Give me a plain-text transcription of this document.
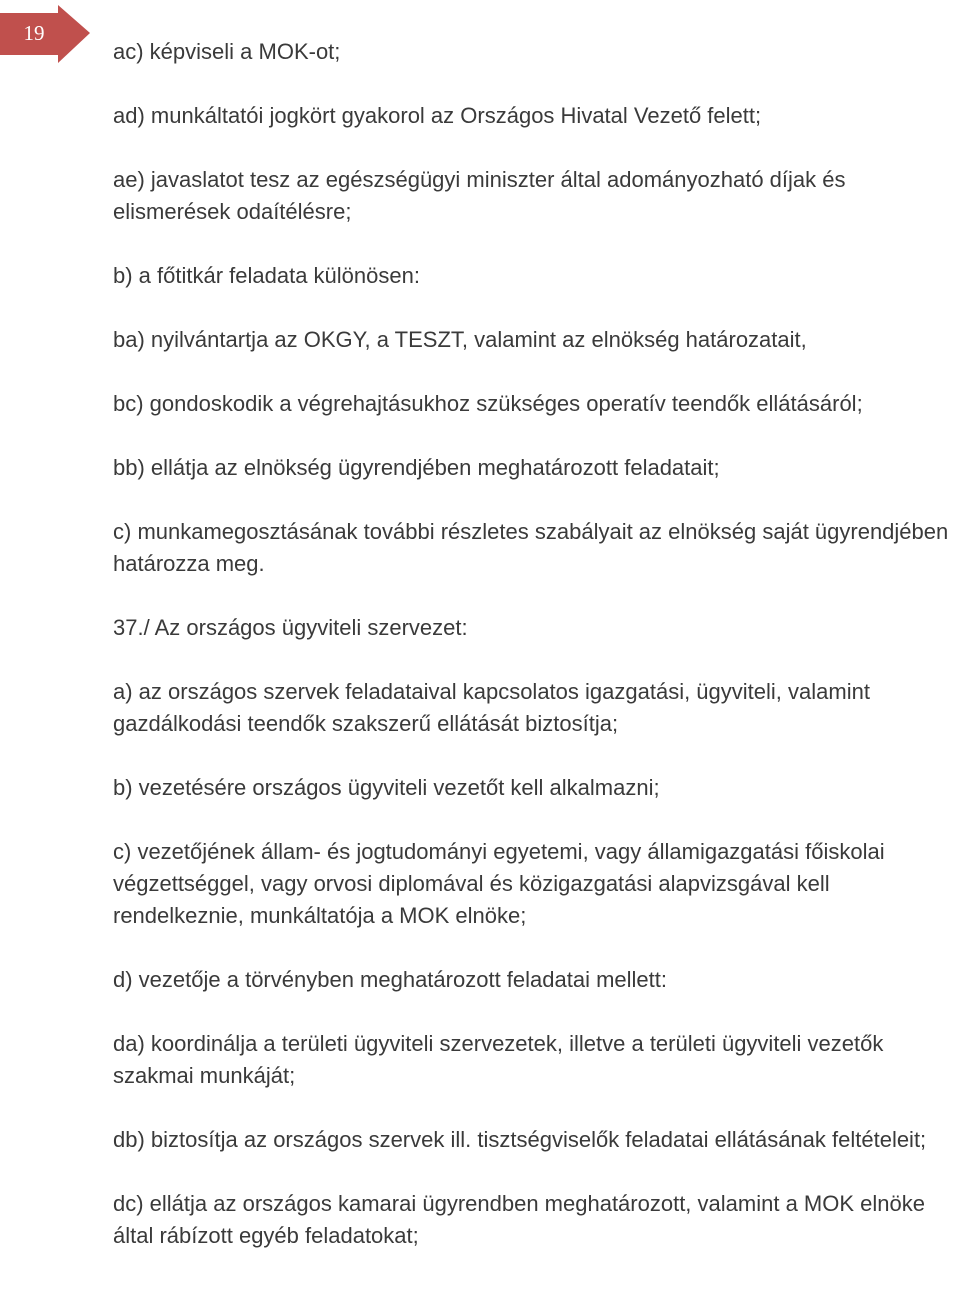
19

ac) képviseli a MOK-ot;

ad) munkáltatói jogkört gyakorol az Országos Hivatal Vezető felett;

ae) javaslatot tesz az egészségügyi miniszter által adományozható díjak és elismerések odaítélésre;

b) a főtitkár feladata különösen:

ba) nyilvántartja az OKGY, a TESZT, valamint az elnökség határozatait,

bc) gondoskodik a végrehajtásukhoz szükséges operatív teendők ellátásáról;

bb) ellátja az elnökség ügyrendjében meghatározott feladatait;

c) munkamegosztásának további részletes szabályait az elnökség saját ügyrendjében határozza meg.

37./ Az országos ügyviteli szervezet:

a) az országos szervek feladataival kapcsolatos igazgatási, ügyviteli, valamint gazdálkodási teendők szakszerű ellátását biztosítja;

b) vezetésére országos ügyviteli vezetőt kell alkalmazni;

c) vezetőjének állam- és jogtudományi egyetemi, vagy államigazgatási főiskolai végzettséggel, vagy orvosi diplomával és közigazgatási alapvizsgával kell rendelkeznie, munkáltatója a MOK elnöke;

d) vezetője a törvényben meghatározott feladatai mellett:

da) koordinálja a területi ügyviteli szervezetek, illetve a területi ügyviteli vezetők szakmai munkáját;

db) biztosítja az országos szervek ill. tisztségviselők feladatai ellátásának feltételeit;

dc) ellátja az országos kamarai ügyrendben meghatározott, valamint a MOK elnöke által rábízott egyéb feladatokat;
